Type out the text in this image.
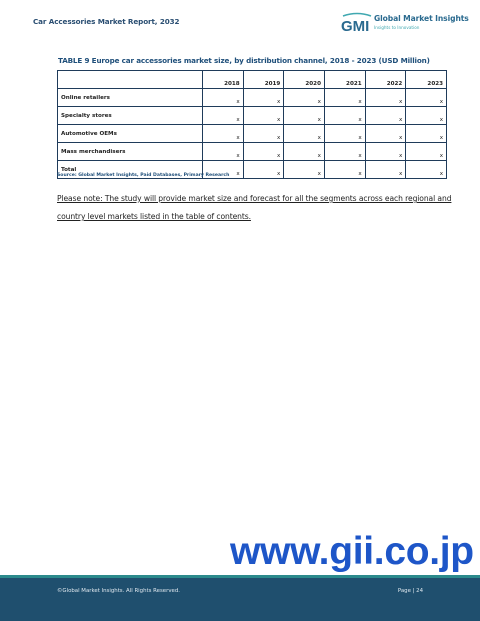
Car Accessories Market Report, 2032	GMI Global Market Insights
Insights to Innovation
TABLE 9 Europe car accessories market size, by distribution channel, 2018 - 2023 (USD Million)
	2018	2019	2020	2021	2022	2023
Online retailers	x	x	x	x	x	x
Specialty stores	x	x	x	x	x	x
Automotive OEMs	x	x	x	x	x	x
Mass merchandisers	x	x	x	x	x	x
Total	x	x	x	x	x	x
Source: Global Market Insights, Paid Databases, Primary Research
Please note: The study will provide market size and forecast for all the segments across each regional and country level markets listed in the table of contents.
www.gii.co.jp
©Global Market Insights. All Rights Reserved.	Page | 24
